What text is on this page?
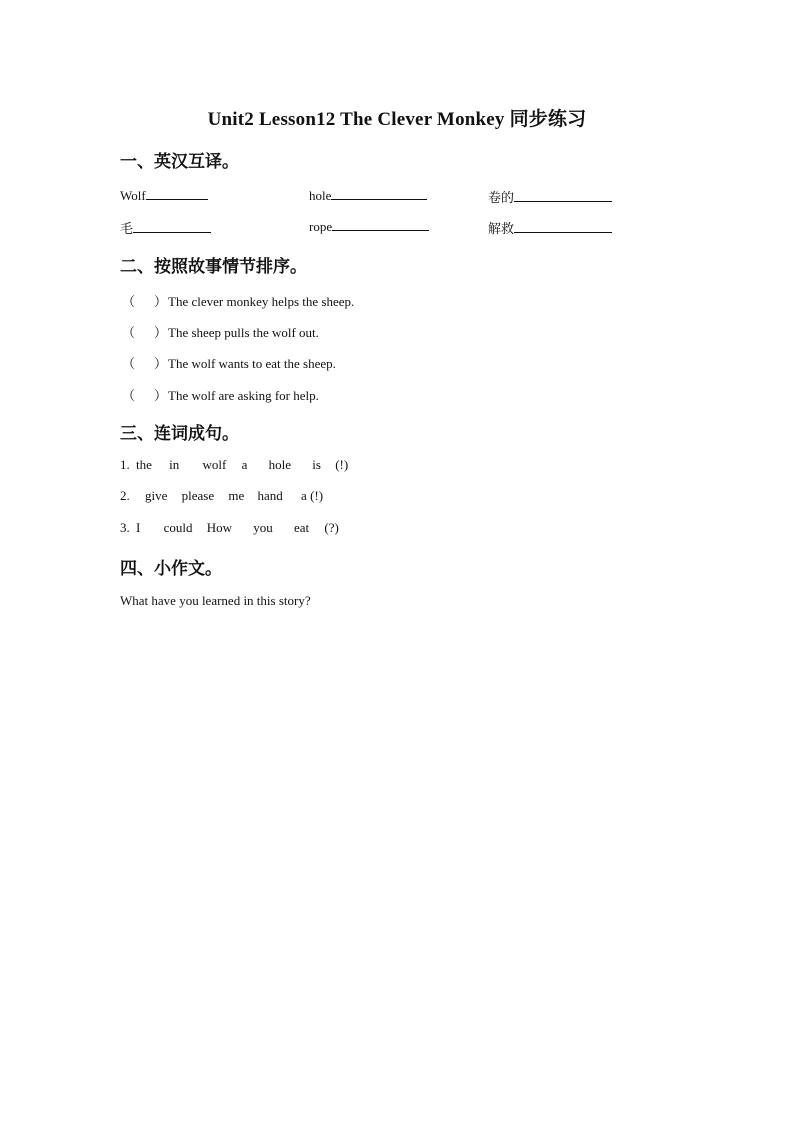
Unit2 Lesson12 The Clever Monkey 同步练习
一、英汉互译。
Wolf	hole	卷的
毛	rope	解救
二、按照故事情节排序。
（ ）The clever monkey helps the sheep.
（ ）The sheep pulls the wolf out.
（ ）The wolf wants to eat the sheep.
（ ）The wolf are asking for help.
三、连词成句。
1. the in wolf a hole is (!)
2. give please me hand a (!)
3. I could How you eat (?)
四、小作文。
What have you learned in this story?
